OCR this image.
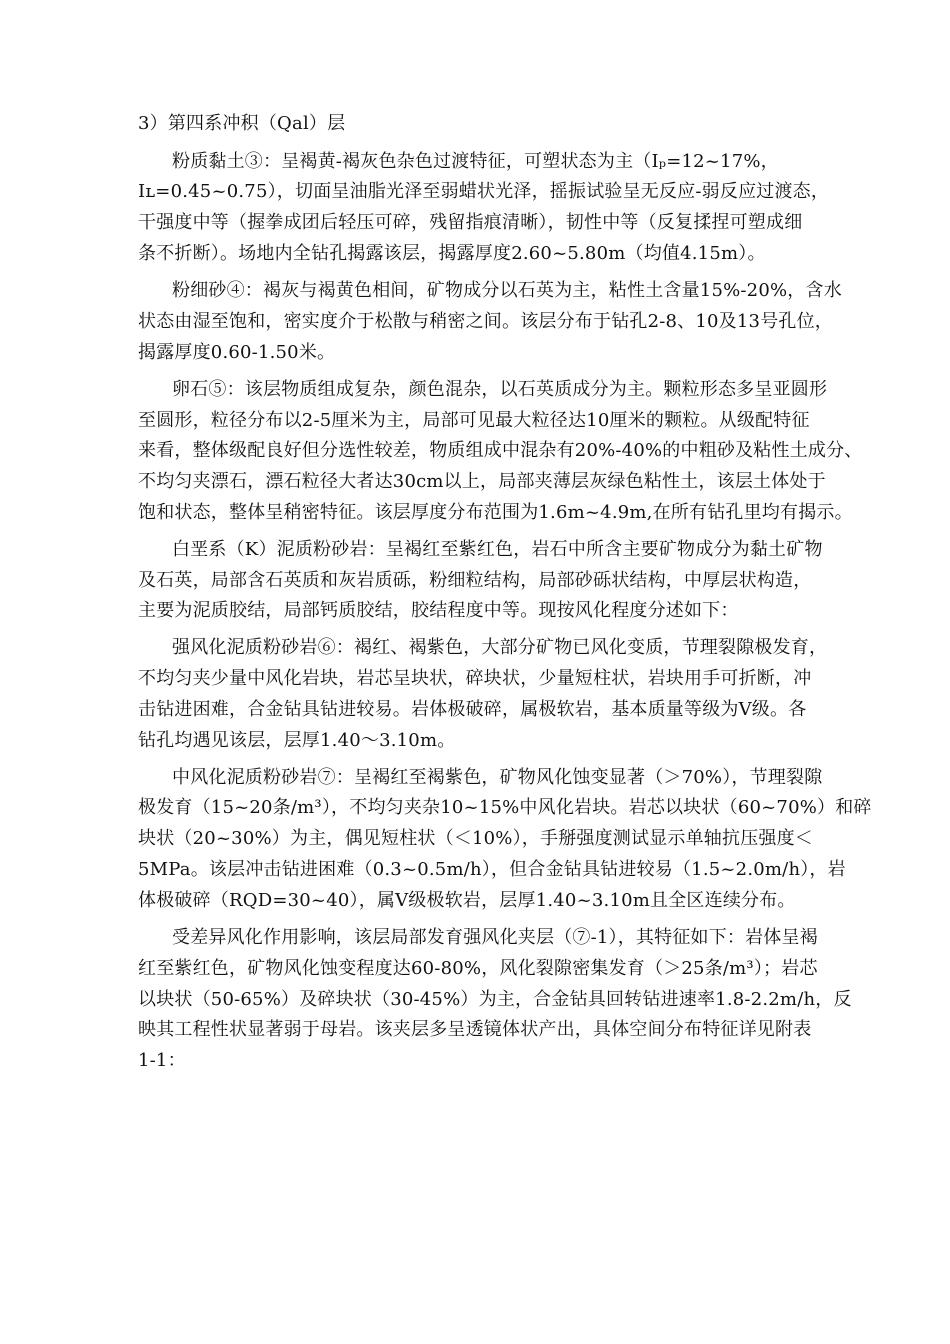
3）第四系冲积（Qal）层
粉质黏土③：呈褐黄-褐灰色杂色过渡特征，可塑状态为主（Iₚ=12~17%，
Iʟ=0.45~0.75），切面呈油脂光泽至弱蜡状光泽，摇振试验呈无反应-弱反应过渡态，
干强度中等（握拳成团后轻压可碎，残留指痕清晰），韧性中等（反复揉捏可塑成细
条不折断）。场地内全钻孔揭露该层，揭露厚度2.60~5.80m（均值4.15m）。
粉细砂④：褐灰与褐黄色相间，矿物成分以石英为主，粘性土含量15%-20%，含水
状态由湿至饱和，密实度介于松散与稍密之间。该层分布于钻孔2-8、10及13号孔位，
揭露厚度0.60-1.50米。
卵石⑤：该层物质组成复杂，颜色混杂，以石英质成分为主。颗粒形态多呈亚圆形
至圆形，粒径分布以2-5厘米为主，局部可见最大粒径达10厘米的颗粒。从级配特征
来看，整体级配良好但分选性较差，物质组成中混杂有20%-40%的中粗砂及粘性土成分、
不均匀夹漂石，漂石粒径大者达30cm以上，局部夹薄层灰绿色粘性土，该层土体处于
饱和状态，整体呈稍密特征。该层厚度分布范围为1.6m~4.9m,在所有钻孔里均有揭示。
白垩系（K）泥质粉砂岩：呈褐红至紫红色，岩石中所含主要矿物成分为黏土矿物
及石英，局部含石英质和灰岩质砾，粉细粒结构，局部砂砾状结构，中厚层状构造，
主要为泥质胶结，局部钙质胶结，胶结程度中等。现按风化程度分述如下：
强风化泥质粉砂岩⑥：褐红、褐紫色，大部分矿物已风化变质，节理裂隙极发育，
不均匀夹少量中风化岩块，岩芯呈块状，碎块状，少量短柱状，岩块用手可折断，冲
击钻进困难，合金钻具钻进较易。岩体极破碎，属极软岩，基本质量等级为Ⅴ级。各
钻孔均遇见该层，层厚1.40～3.10m。
中风化泥质粉砂岩⑦：呈褐红至褐紫色，矿物风化蚀变显著（＞70%），节理裂隙
极发育（15~20条/m³），不均匀夹杂10~15%中风化岩块。岩芯以块状（60~70%）和碎
块状（20~30%）为主，偶见短柱状（＜10%），手掰强度测试显示单轴抗压强度＜
5MPa。该层冲击钻进困难（0.3~0.5m/h），但合金钻具钻进较易（1.5~2.0m/h），岩
体极破碎（RQD=30~40），属Ⅴ级极软岩，层厚1.40~3.10m且全区连续分布。
受差异风化作用影响，该层局部发育强风化夹层（⑦-1），其特征如下：岩体呈褐
红至紫红色，矿物风化蚀变程度达60-80%，风化裂隙密集发育（＞25条/m³）；岩芯
以块状（50-65%）及碎块状（30-45%）为主，合金钻具回转钻进速率1.8-2.2m/h，反
映其工程性状显著弱于母岩。该夹层多呈透镜体状产出，具体空间分布特征详见附表
1-1：
